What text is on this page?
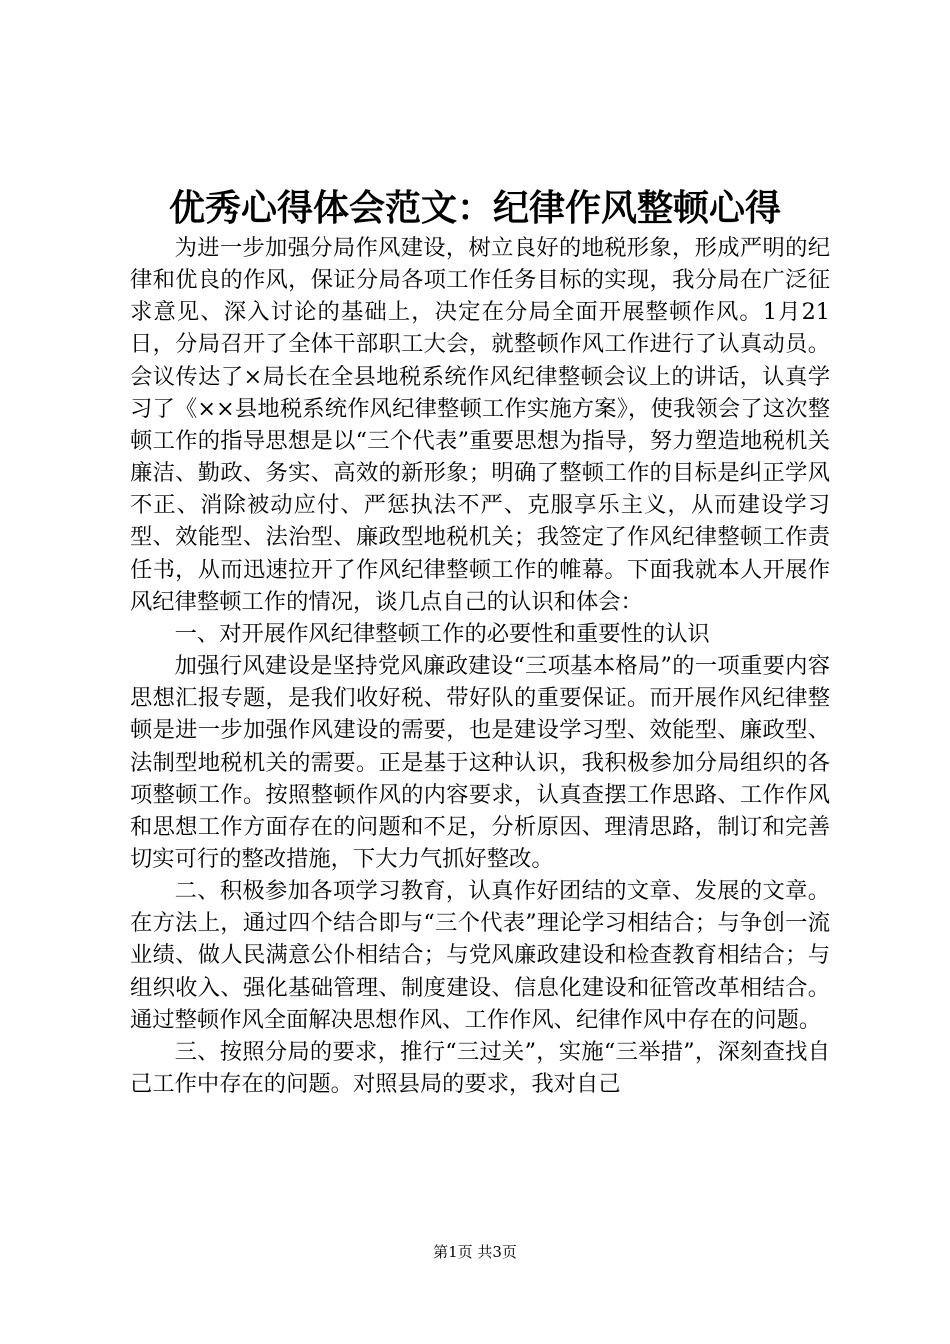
优秀心得体会范文：纪律作风整顿心得

为进一步加强分局作风建设，树立良好的地税形象，形成严明的纪律和优良的作风，保证分局各项工作任务目标的实现，我分局在广泛征求意见、深入讨论的基础上，决定在分局全面开展整顿作风。1月21日，分局召开了全体干部职工大会，就整顿作风工作进行了认真动员。会议传达了×局长在全县地税系统作风纪律整顿会议上的讲话，认真学习了《××县地税系统作风纪律整顿工作实施方案》，使我领会了这次整顿工作的指导思想是以“三个代表”重要思想为指导，努力塑造地税机关廉洁、勤政、务实、高效的新形象；明确了整顿工作的目标是纠正学风不正、消除被动应付、严惩执法不严、克服享乐主义，从而建设学习型、效能型、法治型、廉政型地税机关；我签定了作风纪律整顿工作责任书，从而迅速拉开了作风纪律整顿工作的帷幕。下面我就本人开展作风纪律整顿工作的情况，谈几点自己的认识和体会：

一、对开展作风纪律整顿工作的必要性和重要性的认识

加强行风建设是坚持党风廉政建设“三项基本格局”的一项重要内容思想汇报专题，是我们收好税、带好队的重要保证。而开展作风纪律整顿是进一步加强作风建设的需要，也是建设学习型、效能型、廉政型、法制型地税机关的需要。正是基于这种认识，我积极参加分局组织的各项整顿工作。按照整顿作风的内容要求，认真查摆工作思路、工作作风和思想工作方面存在的问题和不足，分析原因、理清思路，制订和完善切实可行的整改措施，下大力气抓好整改。

二、积极参加各项学习教育，认真作好团结的文章、发展的文章。在方法上，通过四个结合即与“三个代表”理论学习相结合；与争创一流业绩、做人民满意公仆相结合；与党风廉政建设和检查教育相结合；与组织收入、强化基础管理、制度建设、信息化建设和征管改革相结合。通过整顿作风全面解决思想作风、工作作风、纪律作风中存在的问题。

三、按照分局的要求，推行“三过关”，实施“三举措”，深刻查找自己工作中存在的问题。对照县局的要求，我对自己

第1页 共3页
